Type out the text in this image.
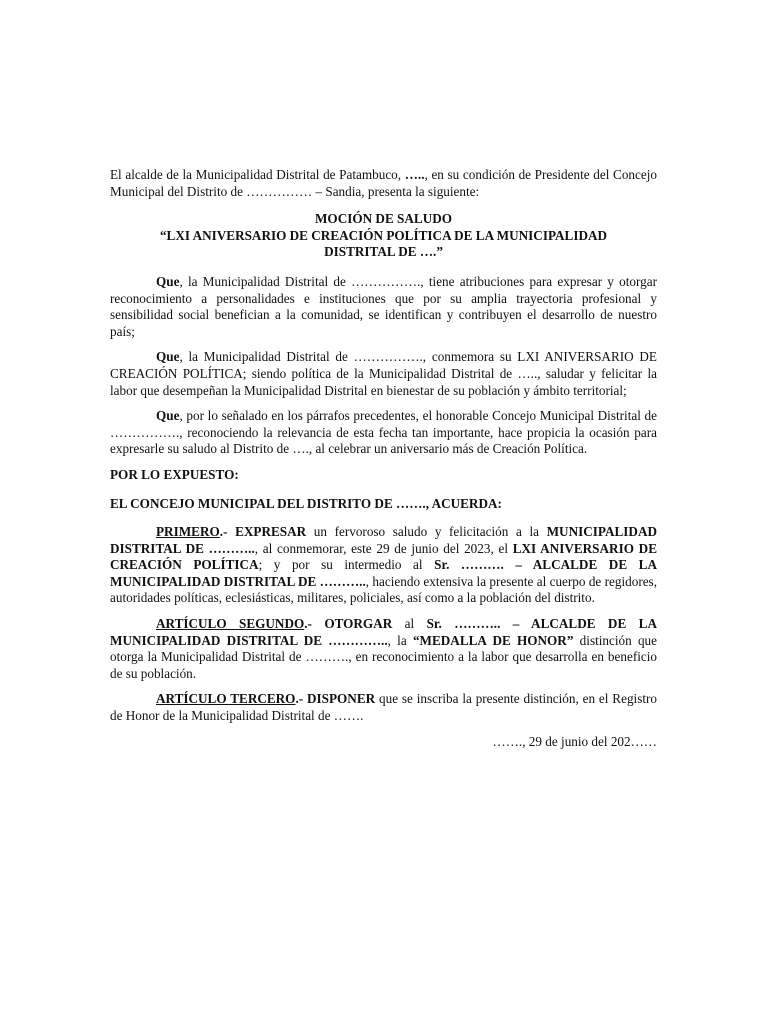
El alcalde de la Municipalidad Distrital de Patambuco, ….., en su condición de Presidente del Concejo Municipal del Distrito de …………… – Sandia, presenta la siguiente:

MOCIÓN DE SALUDO
“LXI ANIVERSARIO DE CREACIÓN POLÍTICA DE LA MUNICIPALIDAD
DISTRITAL DE ….”

Que, la Municipalidad Distrital de ……………., tiene atribuciones para expresar y otorgar reconocimiento a personalidades e instituciones que por su amplia trayectoria profesional y sensibilidad social benefician a la comunidad, se identifican y contribuyen el desarrollo de nuestro país;

Que, la Municipalidad Distrital de ……………., conmemora su LXI ANIVERSARIO DE CREACIÓN POLÍTICA; siendo política de la Municipalidad Distrital de ….., saludar y felicitar la labor que desempeñan la Municipalidad Distrital en bienestar de su población y ámbito territorial;

Que, por lo señalado en los párrafos precedentes, el honorable Concejo Municipal Distrital de ……………., reconociendo la relevancia de esta fecha tan importante, hace propicia la ocasión para expresarle su saludo al Distrito de …., al celebrar un aniversario más de Creación Política.

POR LO EXPUESTO:

EL CONCEJO MUNICIPAL DEL DISTRITO DE ……., ACUERDA:

PRIMERO.- EXPRESAR un fervoroso saludo y felicitación a la MUNICIPALIDAD DISTRITAL DE ……….., al conmemorar, este 29 de junio del 2023, el LXI ANIVERSARIO DE CREACIÓN POLÍTICA; y por su intermedio al Sr. ………. – ALCALDE DE LA MUNICIPALIDAD DISTRITAL DE ……….., haciendo extensiva la presente al cuerpo de regidores, autoridades políticas, eclesiásticas, militares, policiales, así como a la población del distrito.

ARTÍCULO SEGUNDO.- OTORGAR al Sr. ……….. – ALCALDE DE LA MUNICIPALIDAD DISTRITAL DE ………….., la “MEDALLA DE HONOR” distinción que otorga la Municipalidad Distrital de ………., en reconocimiento a la labor que desarrolla en beneficio de su población.

ARTÍCULO TERCERO.- DISPONER que se inscriba la presente distinción, en el Registro de Honor de la Municipalidad Distrital de …….

……., 29 de junio del 202……
